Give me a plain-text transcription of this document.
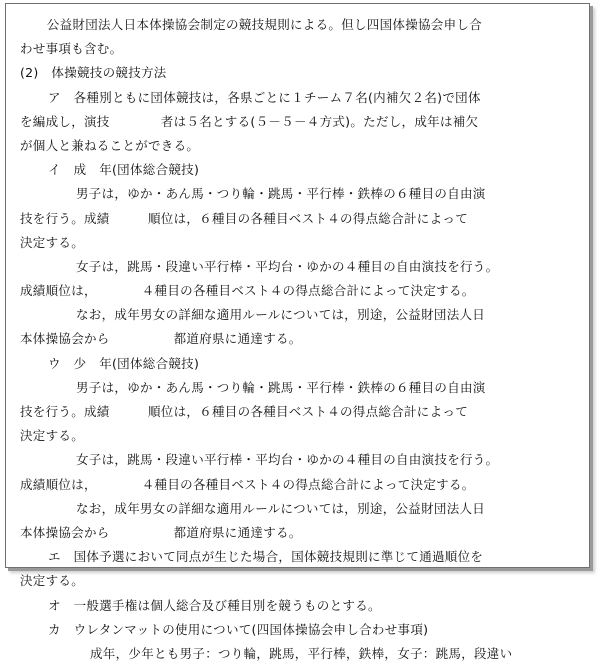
　公益財団法人日本体操協会制定の競技規則による。但し四国体操協会申し合
わせ事項も含む。
(2)　体操競技の競技方法
ア　各種別ともに団体競技は，各県ごとに１チーム７名(内補欠２名)で団体
を編成し，演技　　　　者は５名とする(５－５－４方式)。ただし，成年は補欠
が個人と兼ねることができる。
イ　成　年(団体総合競技)
男子は，ゆか・あん馬・つり輪・跳馬・平行棒・鉄棒の６種目の自由演
技を行う。成績　　　順位は，６種目の各種目ベスト４の得点総合計によって
決定する。
女子は，跳馬・段違い平行棒・平均台・ゆかの４種目の自由演技を行う。
成績順位は，　　　　４種目の各種目ベスト４の得点総合計によって決定する。
なお，成年男女の詳細な適用ルールについては，別途，公益財団法人日
本体操協会から　　　　　都道府県に通達する。
ウ　少　年(団体総合競技)
男子は，ゆか・あん馬・つり輪・跳馬・平行棒・鉄棒の６種目の自由演
技を行う。成績　　　順位は，６種目の各種目ベスト４の得点総合計によって
決定する。
女子は，跳馬・段違い平行棒・平均台・ゆかの４種目の自由演技を行う。
成績順位は，　　　　４種目の各種目ベスト４の得点総合計によって決定する。
なお，成年男女の詳細な適用ルールについては，別途，公益財団法人日
本体操協会から　　　　　都道府県に通達する。
エ　国体予選において同点が生じた場合，国体競技規則に準じて通過順位を
決定する。
オ　一般選手権は個人総合及び種目別を競うものとする。
カ　ウレタンマットの使用について(四国体操協会申し合わせ事項)
成年，少年とも男子：つり輪，跳馬，平行棒，鉄棒，女子：跳馬，段違い
